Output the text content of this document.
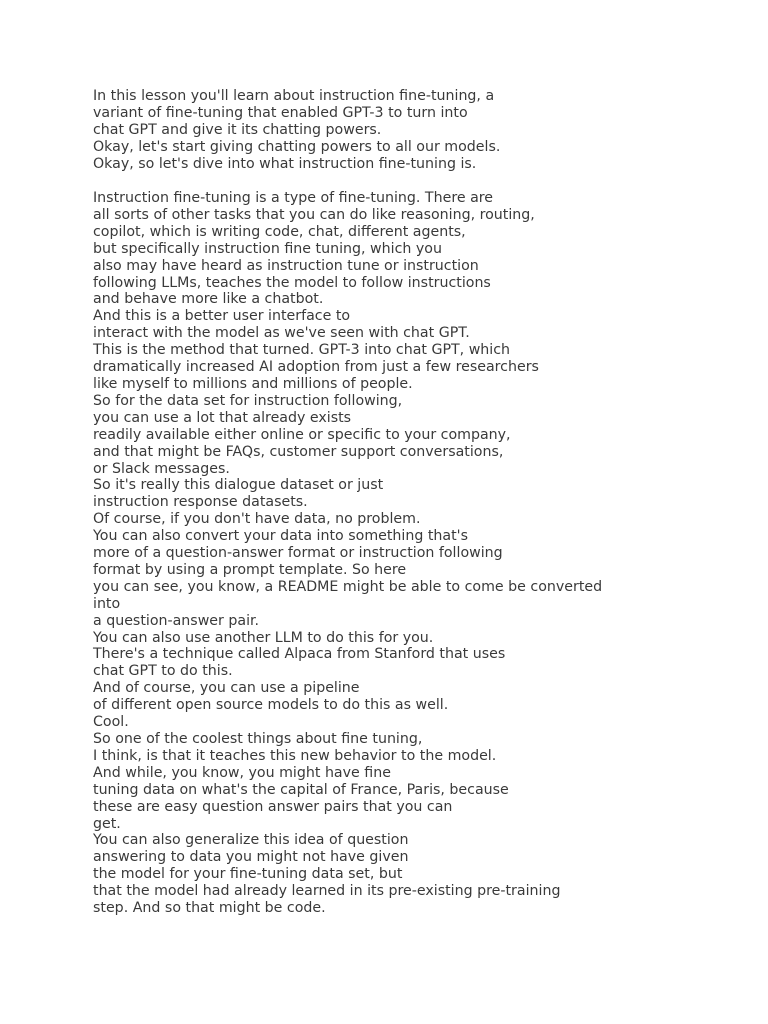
In this lesson you'll learn about instruction fine-tuning, a
variant of fine-tuning that enabled GPT-3 to turn into
chat GPT and give it its chatting powers.
Okay, let's start giving chatting powers to all our models.
Okay, so let's dive into what instruction fine-tuning is.
Instruction fine-tuning is a type of fine-tuning. There are
all sorts of other tasks that you can do like reasoning, routing,
copilot, which is writing code, chat, different agents,
but specifically instruction fine tuning, which you
also may have heard as instruction tune or instruction
following LLMs, teaches the model to follow instructions
and behave more like a chatbot.
And this is a better user interface to
interact with the model as we've seen with chat GPT.
This is the method that turned. GPT-3 into chat GPT, which
dramatically increased AI adoption from just a few researchers
like myself to millions and millions of people.
So for the data set for instruction following,
you can use a lot that already exists
readily available either online or specific to your company,
and that might be FAQs, customer support conversations,
or Slack messages.
So it's really this dialogue dataset or just
instruction response datasets.
Of course, if you don't have data, no problem.
You can also convert your data into something that's
more of a question-answer format or instruction following
format by using a prompt template. So here
you can see, you know, a README might be able to come be converted
into
a question-answer pair.
You can also use another LLM to do this for you.
There's a technique called Alpaca from Stanford that uses
chat GPT to do this.
And of course, you can use a pipeline
of different open source models to do this as well.
Cool.
So one of the coolest things about fine tuning,
I think, is that it teaches this new behavior to the model.
And while, you know, you might have fine
tuning data on what's the capital of France, Paris, because
these are easy question answer pairs that you can
get.
You can also generalize this idea of question
answering to data you might not have given
the model for your fine-tuning data set, but
that the model had already learned in its pre-existing pre-training
step. And so that might be code.
